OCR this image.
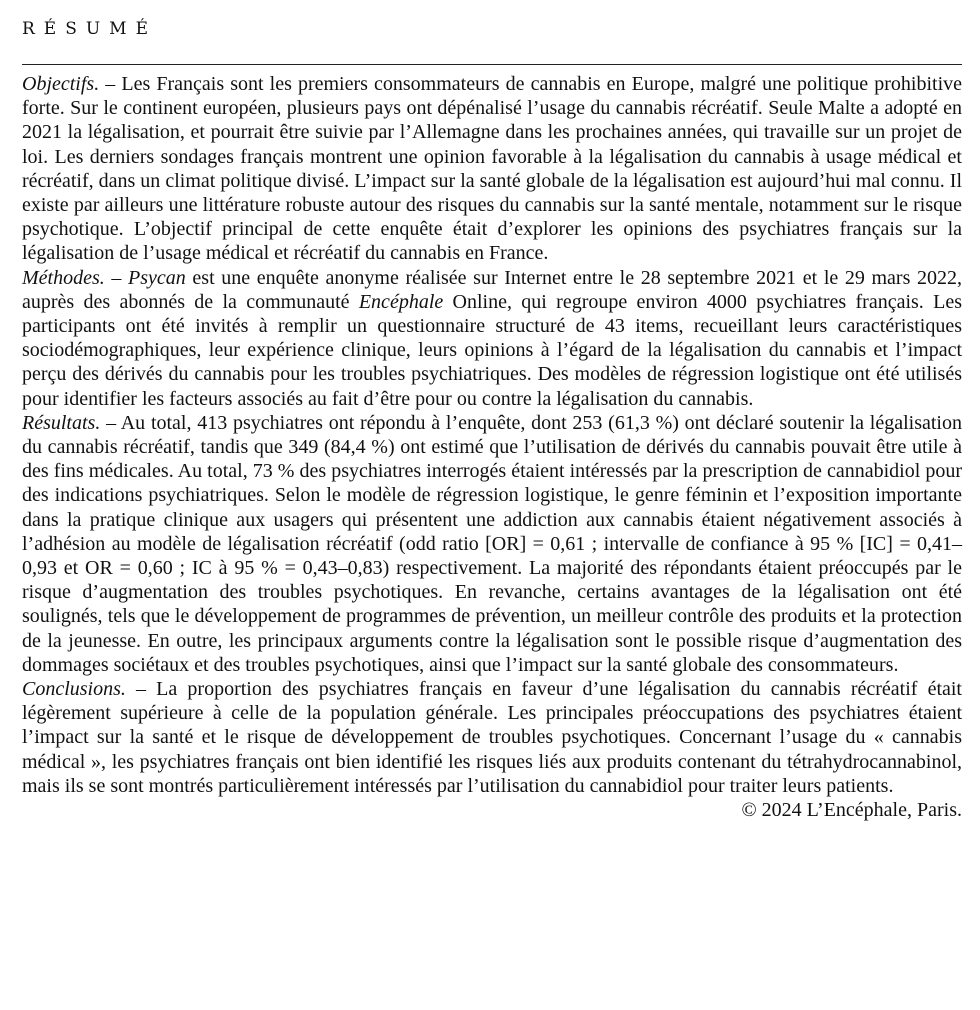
RÉSUMÉ

Objectifs. – Les Français sont les premiers consommateurs de cannabis en Europe, malgré une politique prohibitive forte. Sur le continent européen, plusieurs pays ont dépénalisé l’usage du cannabis récréatif. Seule Malte a adopté en 2021 la légalisation, et pourrait être suivie par l’Allemagne dans les prochaines années, qui travaille sur un projet de loi. Les derniers sondages français montrent une opinion favorable à la légalisation du cannabis à usage médical et récréatif, dans un climat politique divisé. L’impact sur la santé globale de la légalisation est aujourd’hui mal connu. Il existe par ailleurs une littérature robuste autour des risques du cannabis sur la santé mentale, notamment sur le risque psychotique. L’objectif principal de cette enquête était d’explorer les opinions des psychiatres français sur la légalisation de l’usage médical et récréatif du cannabis en France.

Méthodes. – Psycan est une enquête anonyme réalisée sur Internet entre le 28 septembre 2021 et le 29 mars 2022, auprès des abonnés de la communauté Encéphale Online, qui regroupe environ 4000 psychiatres français. Les participants ont été invités à remplir un questionnaire structuré de 43 items, recueillant leurs caractéristiques sociodémographiques, leur expérience clinique, leurs opinions à l’égard de la légalisation du cannabis et l’impact perçu des dérivés du cannabis pour les troubles psychiatriques. Des modèles de régression logistique ont été utilisés pour identifier les facteurs associés au fait d’être pour ou contre la légalisation du cannabis.

Résultats. – Au total, 413 psychiatres ont répondu à l’enquête, dont 253 (61,3 %) ont déclaré soutenir la légalisation du cannabis récréatif, tandis que 349 (84,4 %) ont estimé que l’utilisation de dérivés du cannabis pouvait être utile à des fins médicales. Au total, 73 % des psychiatres interrogés étaient intéressés par la prescription de cannabidiol pour des indications psychiatriques. Selon le modèle de régression logistique, le genre féminin et l’exposition importante dans la pratique clinique aux usagers qui présentent une addiction aux cannabis étaient négativement associés à l’adhésion au modèle de légalisation récréatif (odd ratio [OR] = 0,61 ; intervalle de confiance à 95 % [IC] = 0,41–0,93 et OR = 0,60 ; IC à 95 % = 0,43–0,83) respectivement. La majorité des répondants étaient préoccupés par le risque d’augmentation des troubles psychotiques. En revanche, certains avantages de la légalisation ont été soulignés, tels que le développement de programmes de prévention, un meilleur contrôle des produits et la protection de la jeunesse. En outre, les principaux arguments contre la légalisation sont le possible risque d’augmentation des dommages sociétaux et des troubles psychotiques, ainsi que l’impact sur la santé globale des consommateurs.

Conclusions. – La proportion des psychiatres français en faveur d’une légalisation du cannabis récréatif était légèrement supérieure à celle de la population générale. Les principales préoccupations des psychiatres étaient l’impact sur la santé et le risque de développement de troubles psychotiques. Concernant l’usage du « cannabis médical », les psychiatres français ont bien identifié les risques liés aux produits contenant du tétrahydrocannabinol, mais ils se sont montrés particulièrement intéressés par l’utilisation du cannabidiol pour traiter leurs patients.

© 2024 L’Encéphale, Paris.
